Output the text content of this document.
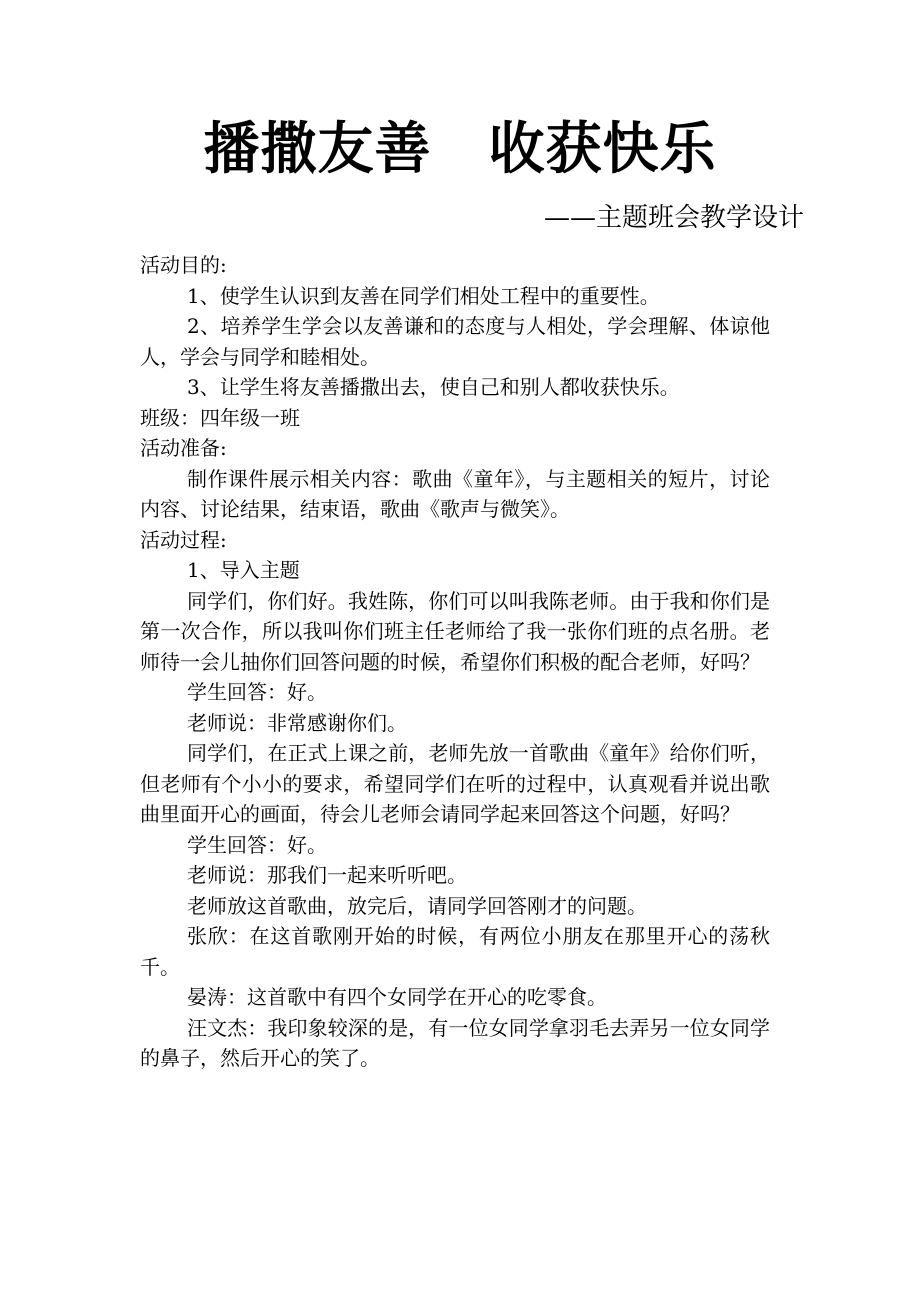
播撒友善　收获快乐
——主题班会教学设计

活动目的:

1、使学生认识到友善在同学们相处工程中的重要性。

2、培养学生学会以友善谦和的态度与人相处，学会理解、体谅他人，学会与同学和睦相处。

3、让学生将友善播撒出去，使自己和别人都收获快乐。

班级：四年级一班

活动准备:

制作课件展示相关内容：歌曲《童年》，与主题相关的短片，讨论内容、讨论结果，结束语，歌曲《歌声与微笑》。

活动过程:

1、导入主题

同学们，你们好。我姓陈，你们可以叫我陈老师。由于我和你们是第一次合作，所以我叫你们班主任老师给了我一张你们班的点名册。老师待一会儿抽你们回答问题的时候，希望你们积极的配合老师，好吗？

学生回答：好。

老师说：非常感谢你们。

同学们，在正式上课之前，老师先放一首歌曲《童年》给你们听，但老师有个小小的要求，希望同学们在听的过程中，认真观看并说出歌曲里面开心的画面，待会儿老师会请同学起来回答这个问题，好吗？

学生回答：好。

老师说：那我们一起来听听吧。

老师放这首歌曲，放完后，请同学回答刚才的问题。

张欣：在这首歌刚开始的时候，有两位小朋友在那里开心的荡秋千。

晏涛：这首歌中有四个女同学在开心的吃零食。

汪文杰：我印象较深的是，有一位女同学拿羽毛去弄另一位女同学的鼻子，然后开心的笑了。
